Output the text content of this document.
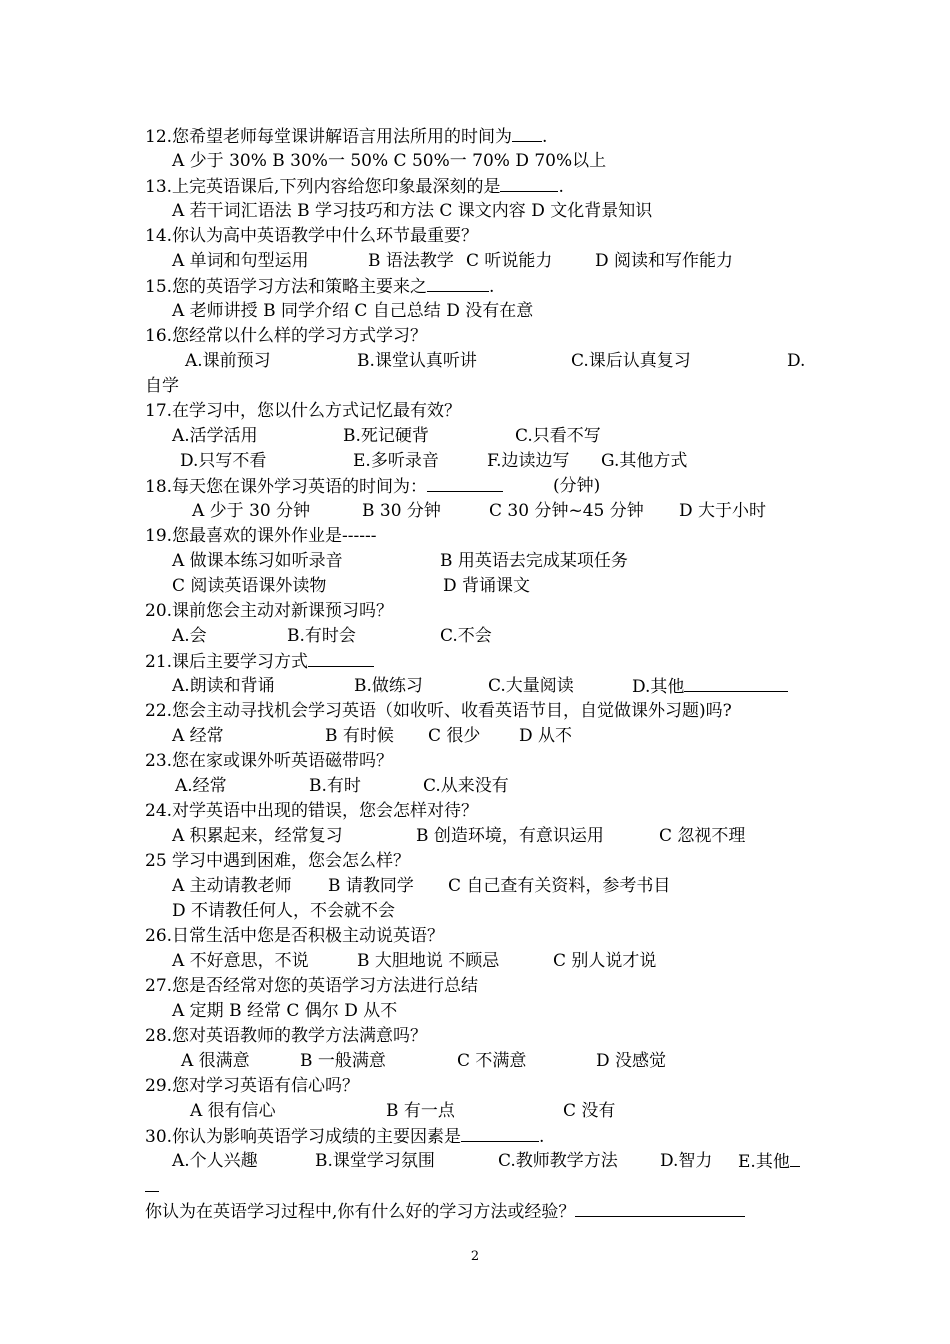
12.您希望老师每堂课讲解语言用法所用的时间为 .
A 少于 30% B 30%一 50% C 50%一 70% D 70%以上
13.上完英语课后,下列内容给您印象最深刻的是	.
A 若干词汇语法 B 学习技巧和方法 C 课文内容 D 文化背景知识
14.你认为高中英语教学中什么环节最重要？
A 单词和句型运用	B 语法教学 C 听说能力	D 阅读和写作能力
15.您的英语学习方法和策略主要来之	.
A 老师讲授 B 同学介绍 C 自己总结 D 没有在意
16.您经常以什么样的学习方式学习？
A.课前预习	B.课堂认真听讲	C.课后认真复习	D.
自学
17.在学习中，您以什么方式记忆最有效？
A.活学活用	B.死记硬背	C.只看不写
D.只写不看	E.多听录音	F.边读边写 G.其他方式
18.每天您在课外学习英语的时间为：	(分钟)
A 少于 30 分钟	B 30 分钟	C 30 分钟~45 分钟 D 大于小时
19.您最喜欢的课外作业是------
A 做课本练习如听录音	B 用英语去完成某项任务
C 阅读英语课外读物	D 背诵课文
20.课前您会主动对新课预习吗？
A.会	B.有时会	C.不会
21.课后主要学习方式
A.朗读和背诵	B.做练习	C.大量阅读	D.其他
22.您会主动寻找机会学习英语（如收听、收看英语节目，自觉做课外习题)吗?
A 经常	B 有时候 C 很少 D 从不
23.您在家或课外听英语磁带吗？
A.经常	B.有时	C.从来没有
24.对学英语中出现的错误，您会怎样对待？
A 积累起来，经常复习	B 创造环境，有意识运用	C 忽视不理
25 学习中遇到困难，您会怎么样？
A 主动请教老师 B 请教同学 C 自己查有关资料，参考书目
D 不请教任何人，不会就不会
26.日常生活中您是否积极主动说英语？
A 不好意思，不说	B 大胆地说 不顾忌	C 别人说才说
27.您是否经常对您的英语学习方法进行总结
A 定期 B 经常 C 偶尔 D 从不
28.您对英语教师的教学方法满意吗？
A 很满意	B 一般满意	C 不满意	D 没感觉
29.您对学习英语有信心吗？
A 很有信心	B 有一点	C 没有
30.你认为影响英语学习成绩的主要因素是	.
A.个人兴趣	B.课堂学习氛围	C.教师教学方法 D.智力 E.其他
你认为在英语学习过程中,你有什么好的学习方法或经验？
2
